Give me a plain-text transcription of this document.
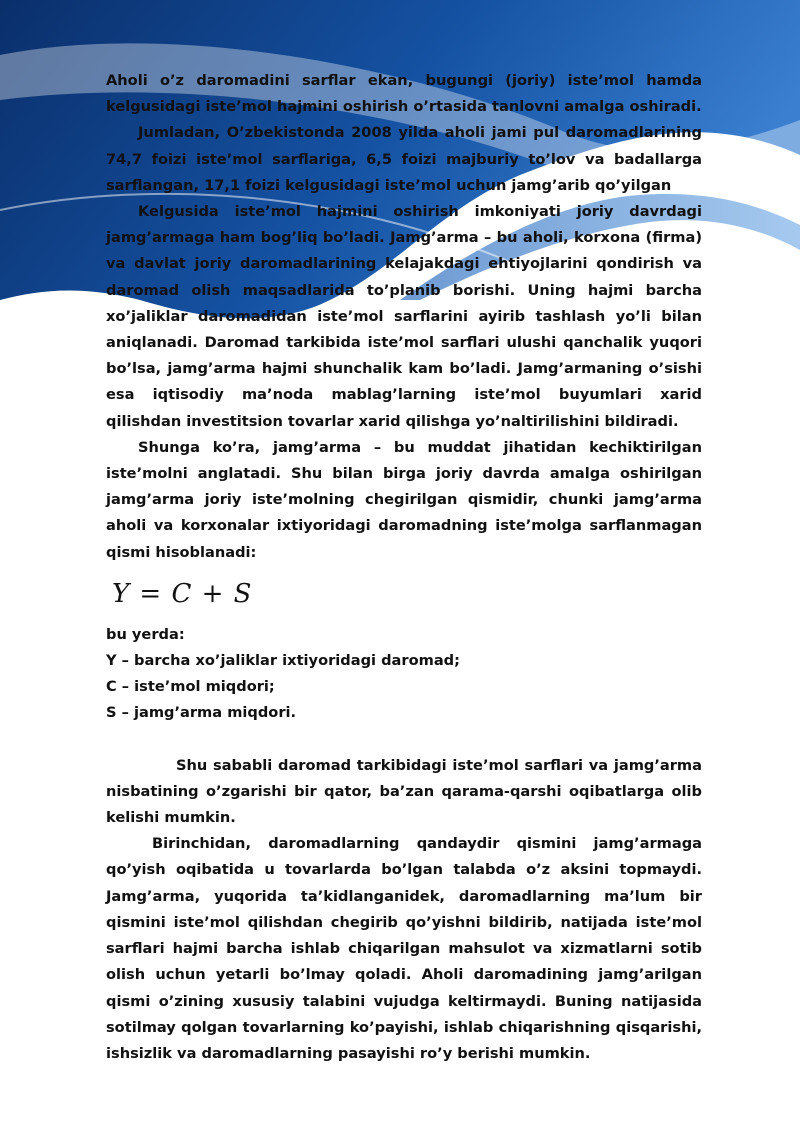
Aholi o’z daromadini sarflar ekan, bugungi (joriy) iste’mol hamda kelgusidagi iste’mol hajmini oshirish o’rtasida tanlovni amalga oshiradi.

Jumladan, O’zbekistonda 2008 yilda aholi jami pul daromadlarining 74,7 foizi iste’mol sarflariga, 6,5 foizi majburiy to’lov va badallarga sarflangan, 17,1 foizi kelgusidagi iste’mol uchun jamg’arib qo’yilgan

Kelgusida iste’mol hajmini oshirish imkoniyati joriy davrdagi jamg’armaga ham bog’liq bo’ladi. Jamg’arma – bu aholi, korxona (firma) va davlat joriy daromadlarining kelajakdagi ehtiyojlarini qondirish va daromad olish maqsadlarida to’planib borishi. Uning hajmi barcha xo’jaliklar daromadidan iste’mol sarflarini ayirib tashlash yo’li bilan aniqlanadi. Daromad tarkibida iste’mol sarflari ulushi qanchalik yuqori bo’lsa, jamg’arma hajmi shunchalik kam bo’ladi. Jamg’armaning o’sishi esa iqtisodiy ma’noda mablag’larning iste’mol buyumlari xarid qilishdan investitsion tovarlar xarid qilishga yo’naltirilishini bildiradi.

Shunga ko’ra, jamg’arma – bu muddat jihatidan kechiktirilgan iste’molni anglatadi. Shu bilan birga joriy davrda amalga oshirilgan jamg’arma joriy iste’molning chegirilgan qismidir, chunki jamg’arma aholi va korxonalar ixtiyoridagi daromadning iste’molga sarflanmagan qismi hisoblanadi:

Y = C + S

bu yerda:

Y – barcha xo’jaliklar ixtiyoridagi daromad;

C – iste’mol miqdori;

S – jamg’arma miqdori.

Shu sababli daromad tarkibidagi iste’mol sarflari va jamg’arma nisbatining o’zgarishi bir qator, ba’zan qarama-qarshi oqibatlarga olib kelishi mumkin.

Birinchidan, daromadlarning qandaydir qismini jamg’armaga qo’yish oqibatida u tovarlarda bo’lgan talabda o’z aksini topmaydi. Jamg’arma, yuqorida ta’kidlanganidek, daromadlarning ma’lum bir qismini iste’mol qilishdan chegirib qo’yishni bildirib, natijada iste’mol sarflari hajmi barcha ishlab chiqarilgan mahsulot va xizmatlarni sotib olish uchun yetarli bo’lmay qoladi. Aholi daromadining jamg’arilgan qismi o’zining xususiy talabini vujudga keltirmaydi. Buning natijasida sotilmay qolgan tovarlarning ko’payishi, ishlab chiqarishning qisqarishi, ishsizlik va daromadlarning pasayishi ro’y berishi mumkin.
